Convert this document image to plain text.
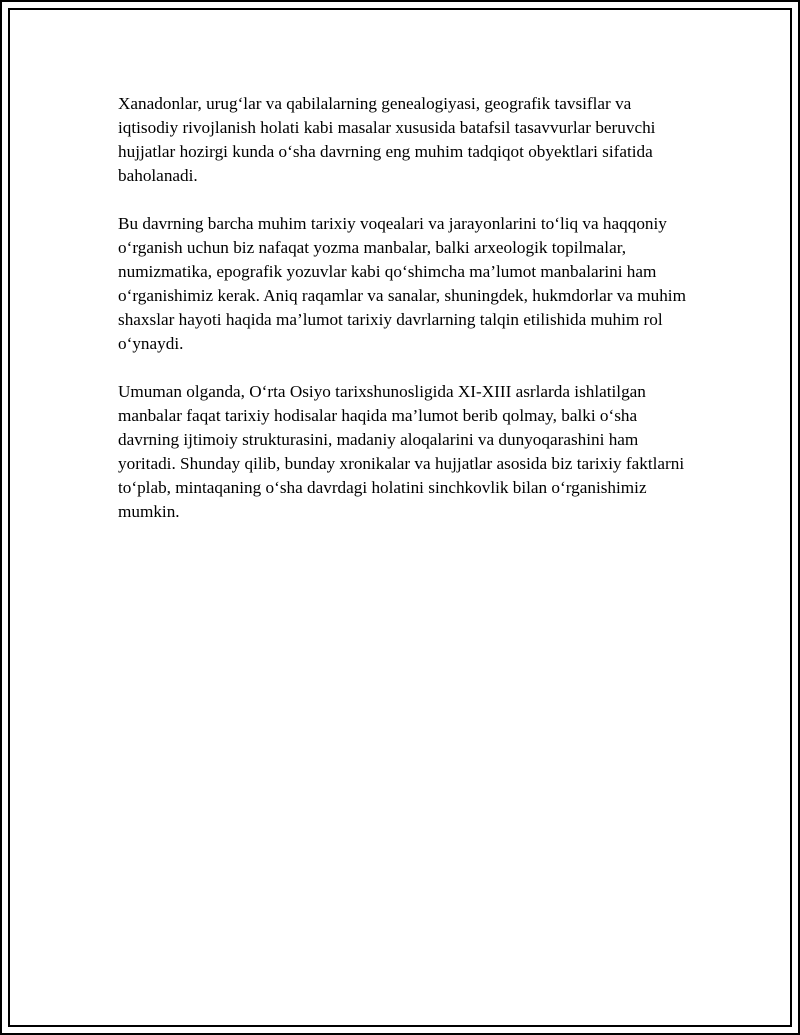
Xanadonlar, urug‘lar va qabilalarning genealogiyasi, geografik tavsiflar va iqtisodiy rivojlanish holati kabi masalar xususida batafsil tasavvurlar beruvchi hujjatlar hozirgi kunda o‘sha davrning eng muhim tadqiqot obyektlari sifatida baholanadi.

Bu davrning barcha muhim tarixiy voqealari va jarayonlarini to‘liq va haqqoniy o‘rganish uchun biz nafaqat yozma manbalar, balki arxeologik topilmalar, numizmatika, epografik yozuvlar kabi qo‘shimcha ma’lumot manbalarini ham o‘rganishimiz kerak. Aniq raqamlar va sanalar, shuningdek, hukmdorlar va muhim shaxslar hayoti haqida ma’lumot tarixiy davrlarning talqin etilishida muhim rol o‘ynaydi.

Umuman olganda, O‘rta Osiyo tarixshunosligida XI-XIII asrlarda ishlatilgan manbalar faqat tarixiy hodisalar haqida ma’lumot berib qolmay, balki o‘sha davrning ijtimoiy strukturasini, madaniy aloqalarini va dunyoqarashini ham yoritadi. Shunday qilib, bunday xronikalar va hujjatlar asosida biz tarixiy faktlarni to‘plab, mintaqaning o‘sha davrdagi holatini sinchkovlik bilan o‘rganishimiz mumkin.
